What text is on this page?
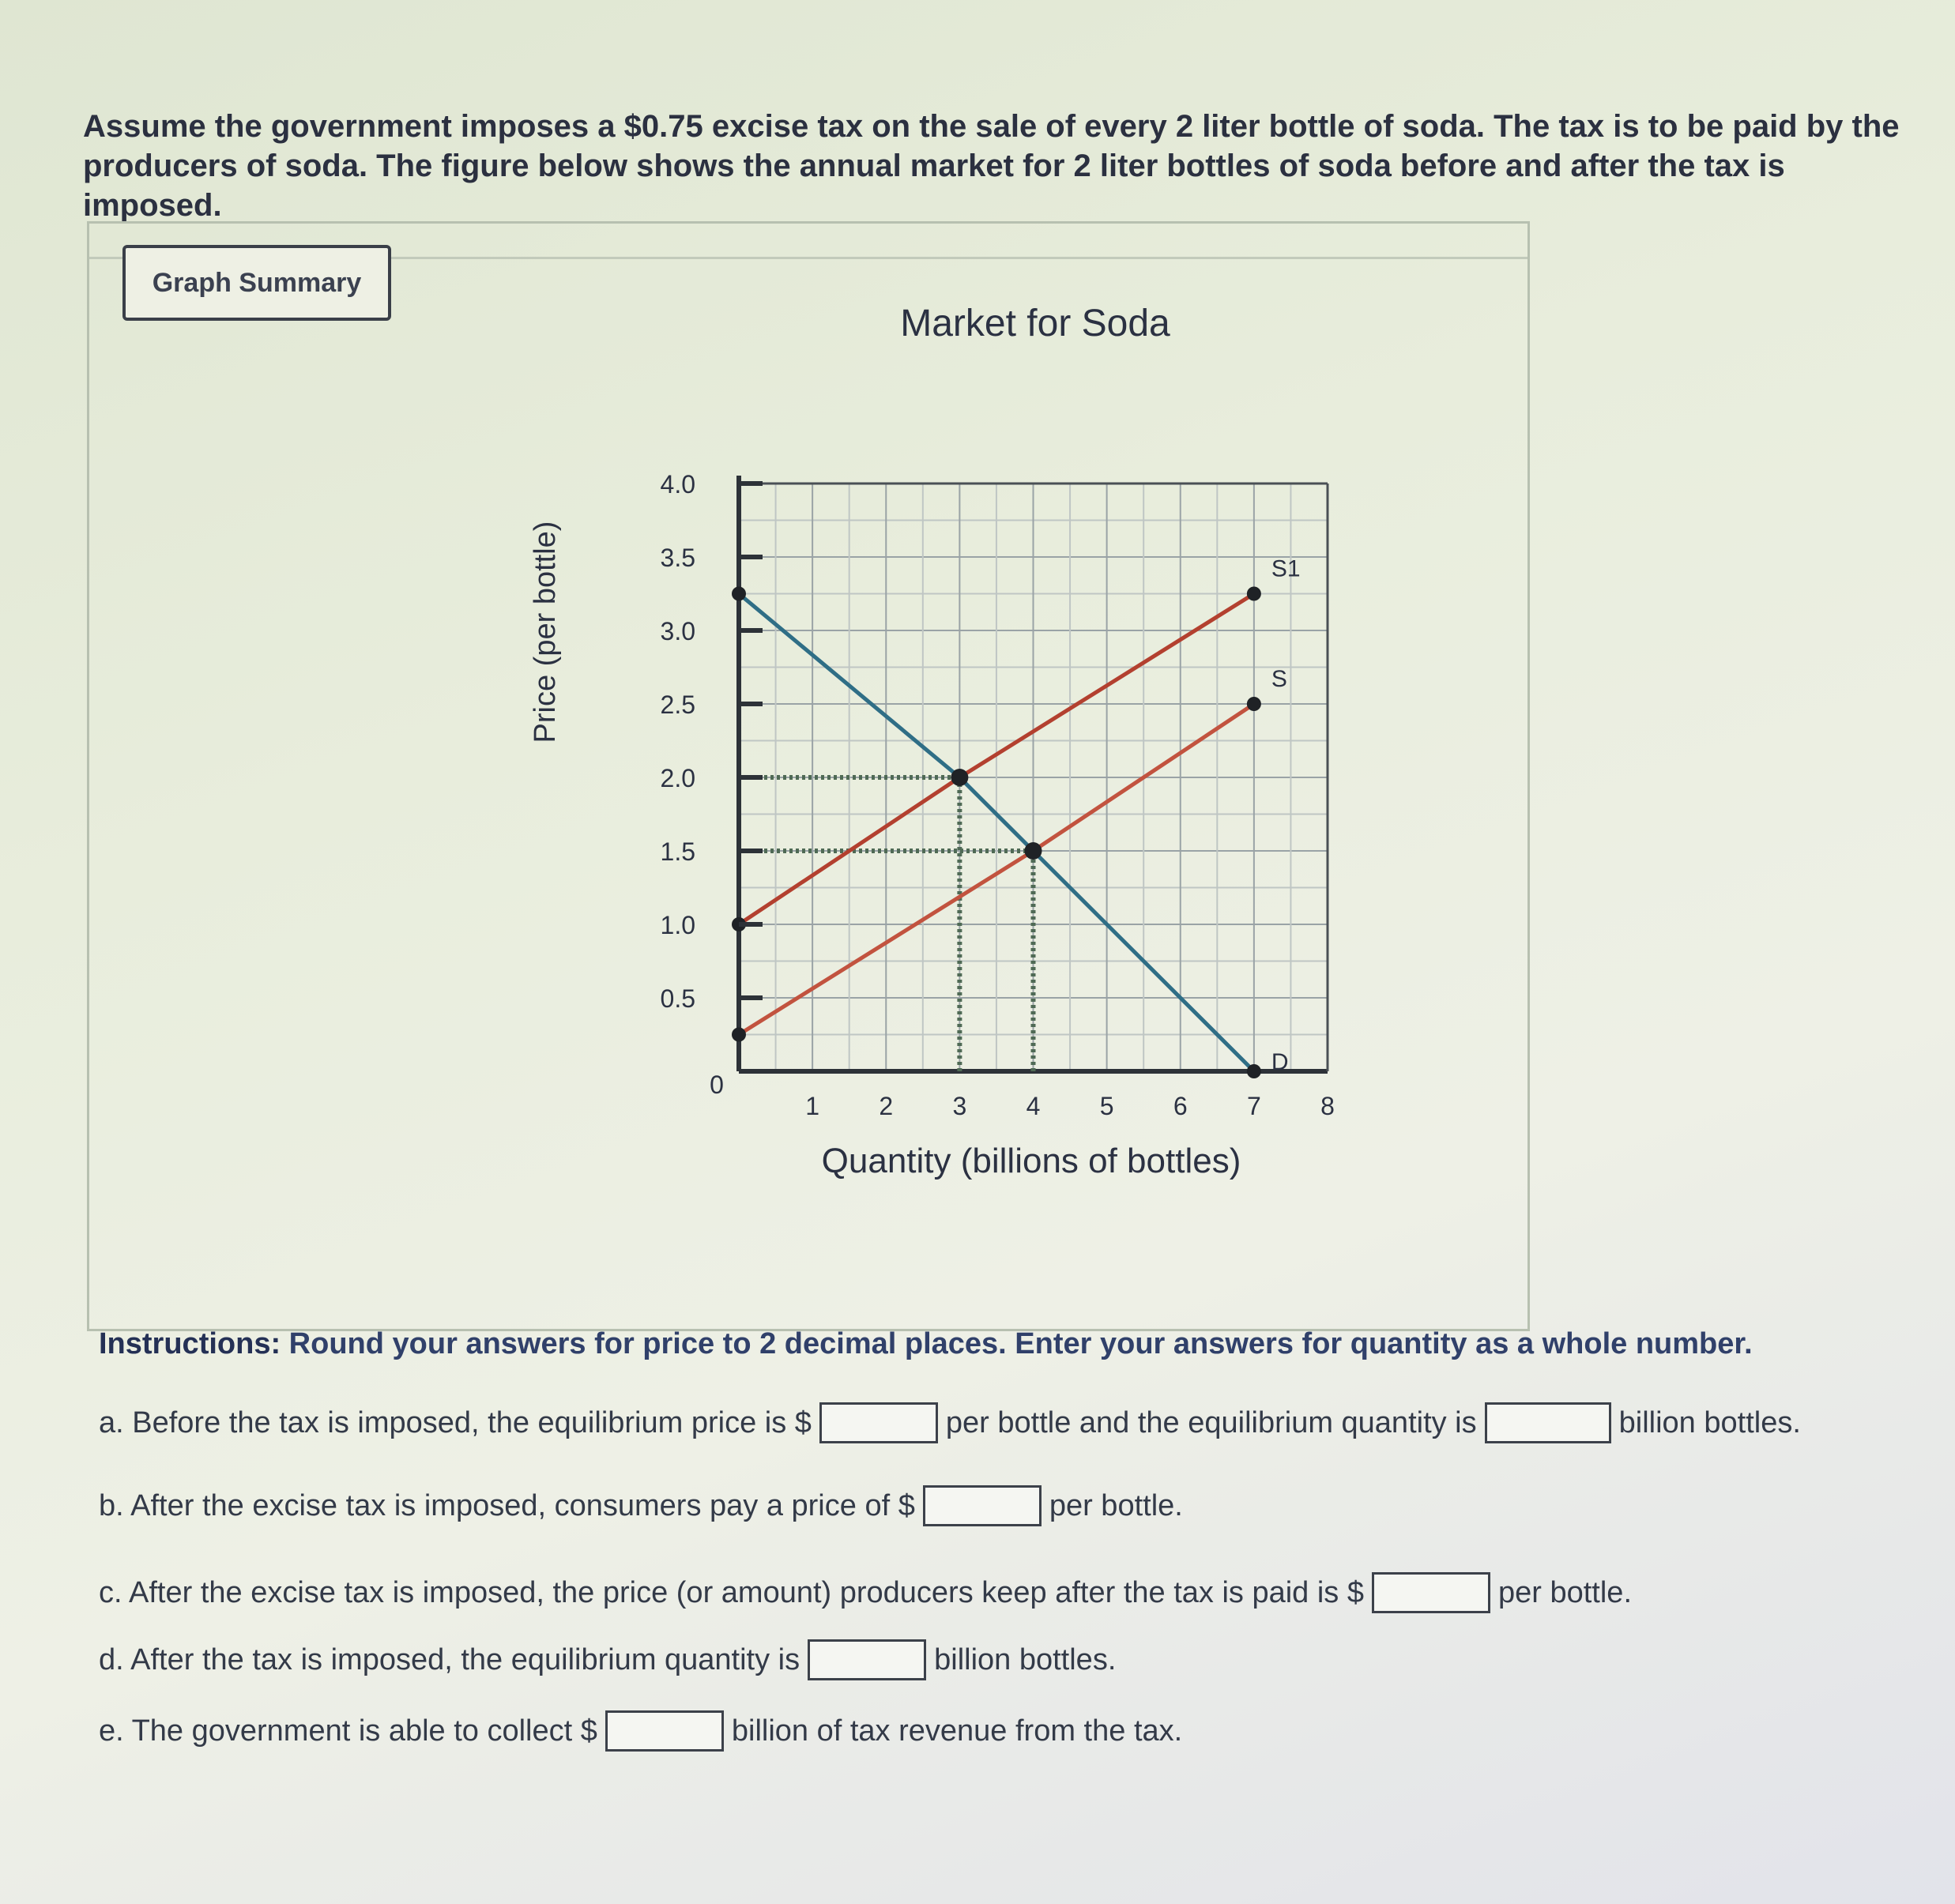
Assume the government imposes a $0.75 excise tax on the sale of every 2 liter bottle of soda. The tax is to be paid by the producers of soda. The figure below shows the annual market for 2 liter bottles of soda before and after the tax is imposed.
Graph Summary
Market for Soda
Price (per bottle)
Quantity (billions of bottles)
D
S
S1
0.5
1.0
1.5
2.0
2.5
3.0
3.5
4.0
0
1 2 3 4 5 6 7 8
Instructions: Round your answers for price to 2 decimal places. Enter your answers for quantity as a whole number.
a. Before the tax is imposed, the equilibrium price is $	per bottle and the equilibrium quantity is	billion bottles.
b. After the excise tax is imposed, consumers pay a price of $	per bottle.
c. After the excise tax is imposed, the price (or amount) producers keep after the tax is paid is $	per bottle.
d. After the tax is imposed, the equilibrium quantity is	billion bottles.
e. The government is able to collect $	billion of tax revenue from the tax.
